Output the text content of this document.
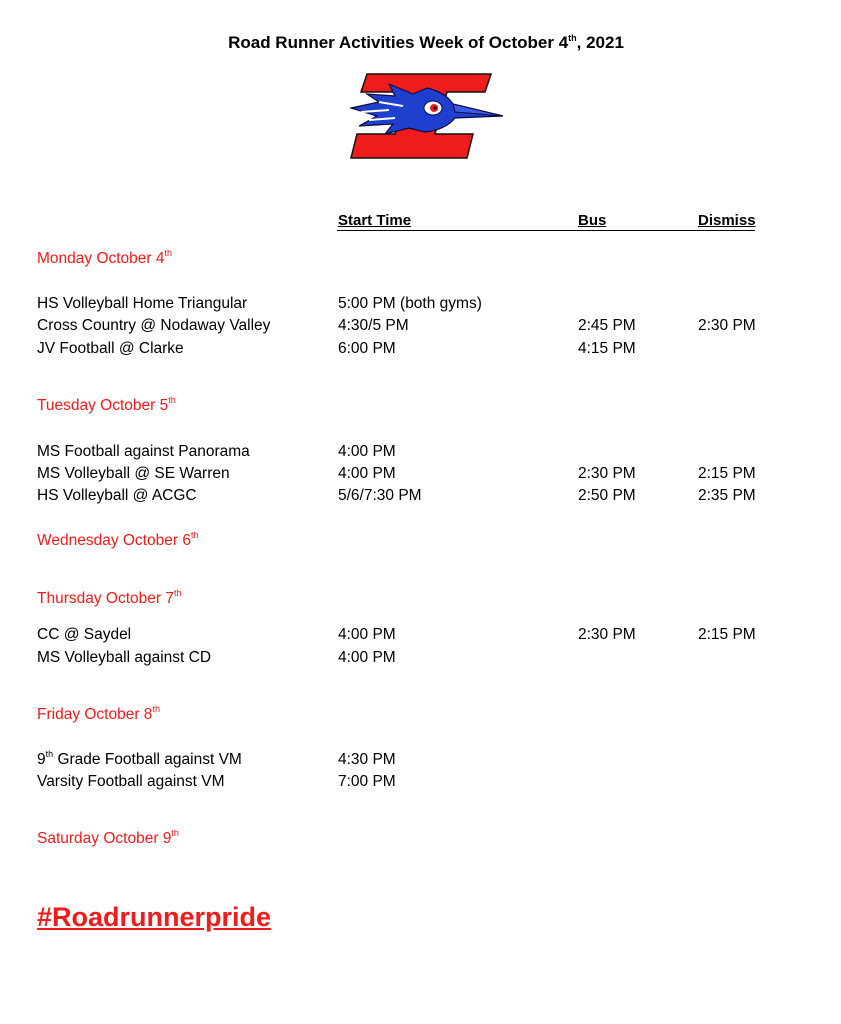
Road Runner Activities Week of October 4th, 2021
Start Time	Bus	Dismiss
Monday October 4th
HS Volleyball Home Triangular	5:00 PM (both gyms)
Cross Country @ Nodaway Valley	4:30/5 PM	2:45 PM	2:30 PM
JV Football @ Clarke	6:00 PM	4:15 PM
Tuesday October 5th
MS Football against Panorama	4:00 PM
MS Volleyball @ SE Warren	4:00 PM	2:30 PM	2:15 PM
HS Volleyball @ ACGC	5/6/7:30 PM	2:50 PM	2:35 PM
Wednesday October 6th
Thursday October 7th
CC @ Saydel	4:00 PM	2:30 PM	2:15 PM
MS Volleyball against CD	4:00 PM
Friday October 8th
9th Grade Football against VM	4:30 PM
Varsity Football against VM	7:00 PM
Saturday October 9th
#Roadrunnerpride
